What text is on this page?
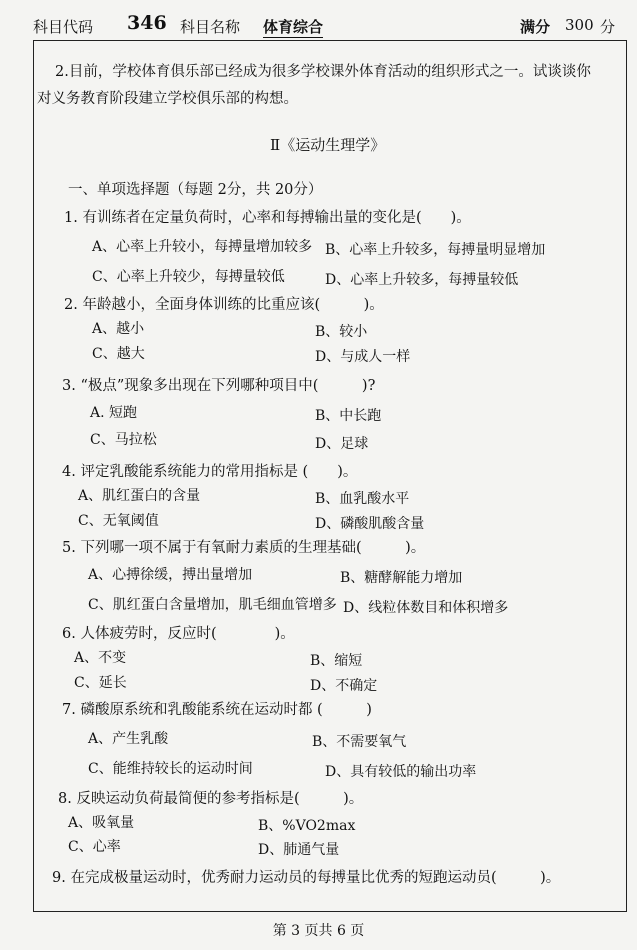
科目代码 346 科目名称 体育综合	满分 300 分
2.目前，学校体育俱乐部已经成为很多学校课外体育活动的组织形式之一。试谈谈你
对义务教育阶段建立学校俱乐部的构想。
Ⅱ《运动生理学》
一、单项选择题（每题 2分，共 20分）
1. 有训练者在定量负荷时，心率和每搏输出量的变化是(　　)。
A、心率上升较小，每搏量增加较多 B、心率上升较多，每搏量明显增加
C、心率上升较少，每搏量较低	D、心率上升较多，每搏量较低
2. 年龄越小，全面身体训练的比重应该(　　　)。
A、越小	B、较小
C、越大	D、与成人一样
3. “极点”现象多出现在下列哪种项目中(　　　)?
A. 短跑	B、中长跑
C、马拉松	D、足球
4. 评定乳酸能系统能力的常用指标是 (　　)。
A、肌红蛋白的含量	B、血乳酸水平
C、无氧阈值	D、磷酸肌酸含量
5. 下列哪一项不属于有氧耐力素质的生理基础(　　　)。
A、心搏徐缓，搏出量增加	B、糖酵解能力增加
C、肌红蛋白含量增加，肌毛细血管增多 D、线粒体数目和体积增多
6. 人体疲劳时，反应时(　　　　)。
A、不变	B、缩短
C、延长	D、不确定
7. 磷酸原系统和乳酸能系统在运动时都 (　　　)
A、产生乳酸	B、不需要氧气
C、能维持较长的运动时间	D、具有较低的输出功率
8. 反映运动负荷最简便的参考指标是(　　　)。
A、吸氧量	B、%VO2max
C、心率	D、肺通气量
9. 在完成极量运动时，优秀耐力运动员的每搏量比优秀的短跑运动员(　　　)。
第 3 页共 6 页
